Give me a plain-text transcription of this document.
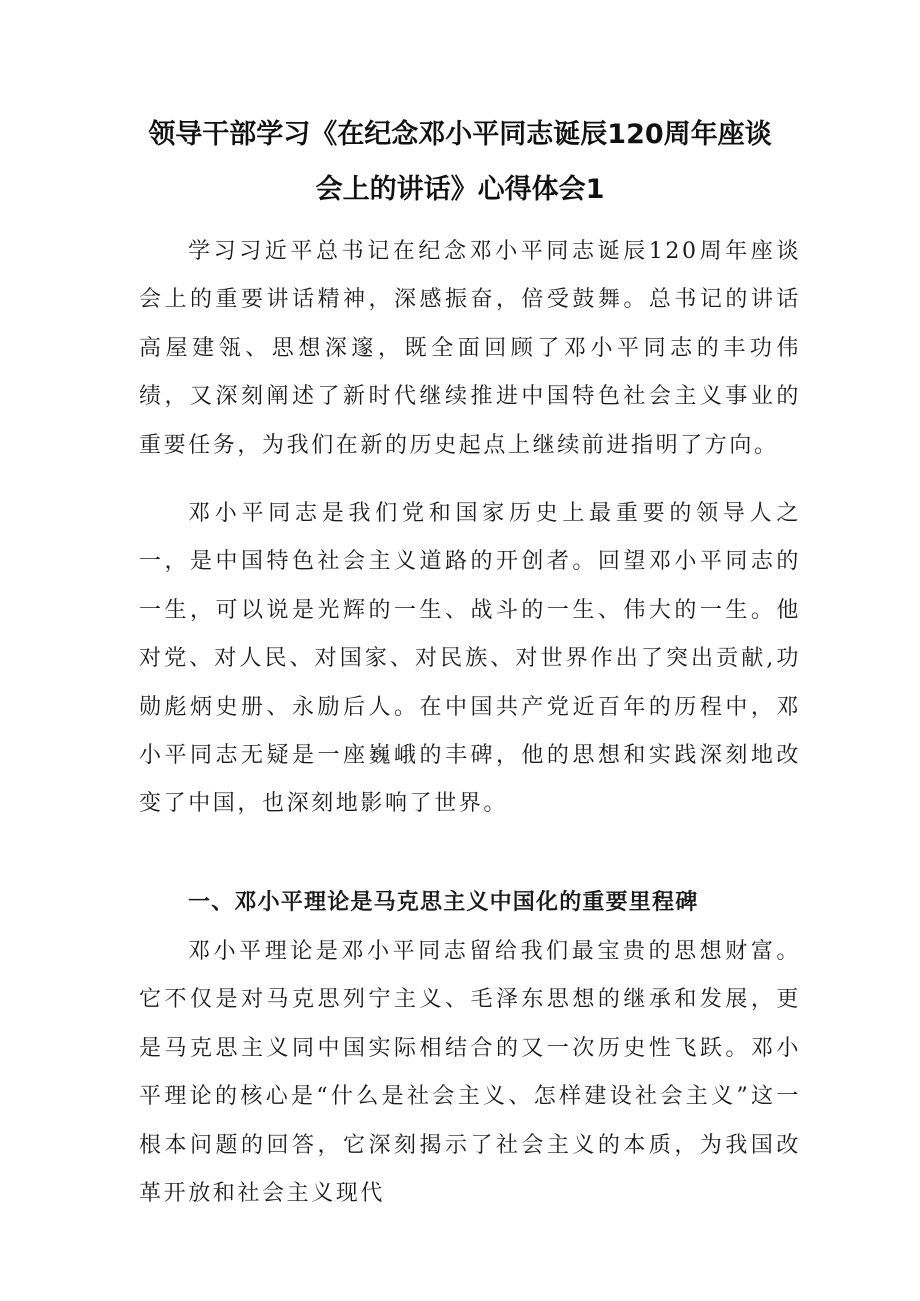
领导干部学习《在纪念邓小平同志诞辰120周年座谈
会上的讲话》心得体会1

学习习近平总书记在纪念邓小平同志诞辰120周年座谈会上的重要讲话精神，深感振奋，倍受鼓舞。总书记的讲话高屋建瓴、思想深邃，既全面回顾了邓小平同志的丰功伟绩，又深刻阐述了新时代继续推进中国特色社会主义事业的重要任务，为我们在新的历史起点上继续前进指明了方向。

邓小平同志是我们党和国家历史上最重要的领导人之一，是中国特色社会主义道路的开创者。回望邓小平同志的一生，可以说是光辉的一生、战斗的一生、伟大的一生。他对党、对人民、对国家、对民族、对世界作出了突出贡献,功勋彪炳史册、永励后人。在中国共产党近百年的历程中，邓小平同志无疑是一座巍峨的丰碑，他的思想和实践深刻地改变了中国，也深刻地影响了世界。

一、邓小平理论是马克思主义中国化的重要里程碑

邓小平理论是邓小平同志留给我们最宝贵的思想财富。它不仅是对马克思列宁主义、毛泽东思想的继承和发展，更是马克思主义同中国实际相结合的又一次历史性飞跃。邓小平理论的核心是“什么是社会主义、怎样建设社会主义”这一根本问题的回答，它深刻揭示了社会主义的本质，为我国改革开放和社会主义现代
